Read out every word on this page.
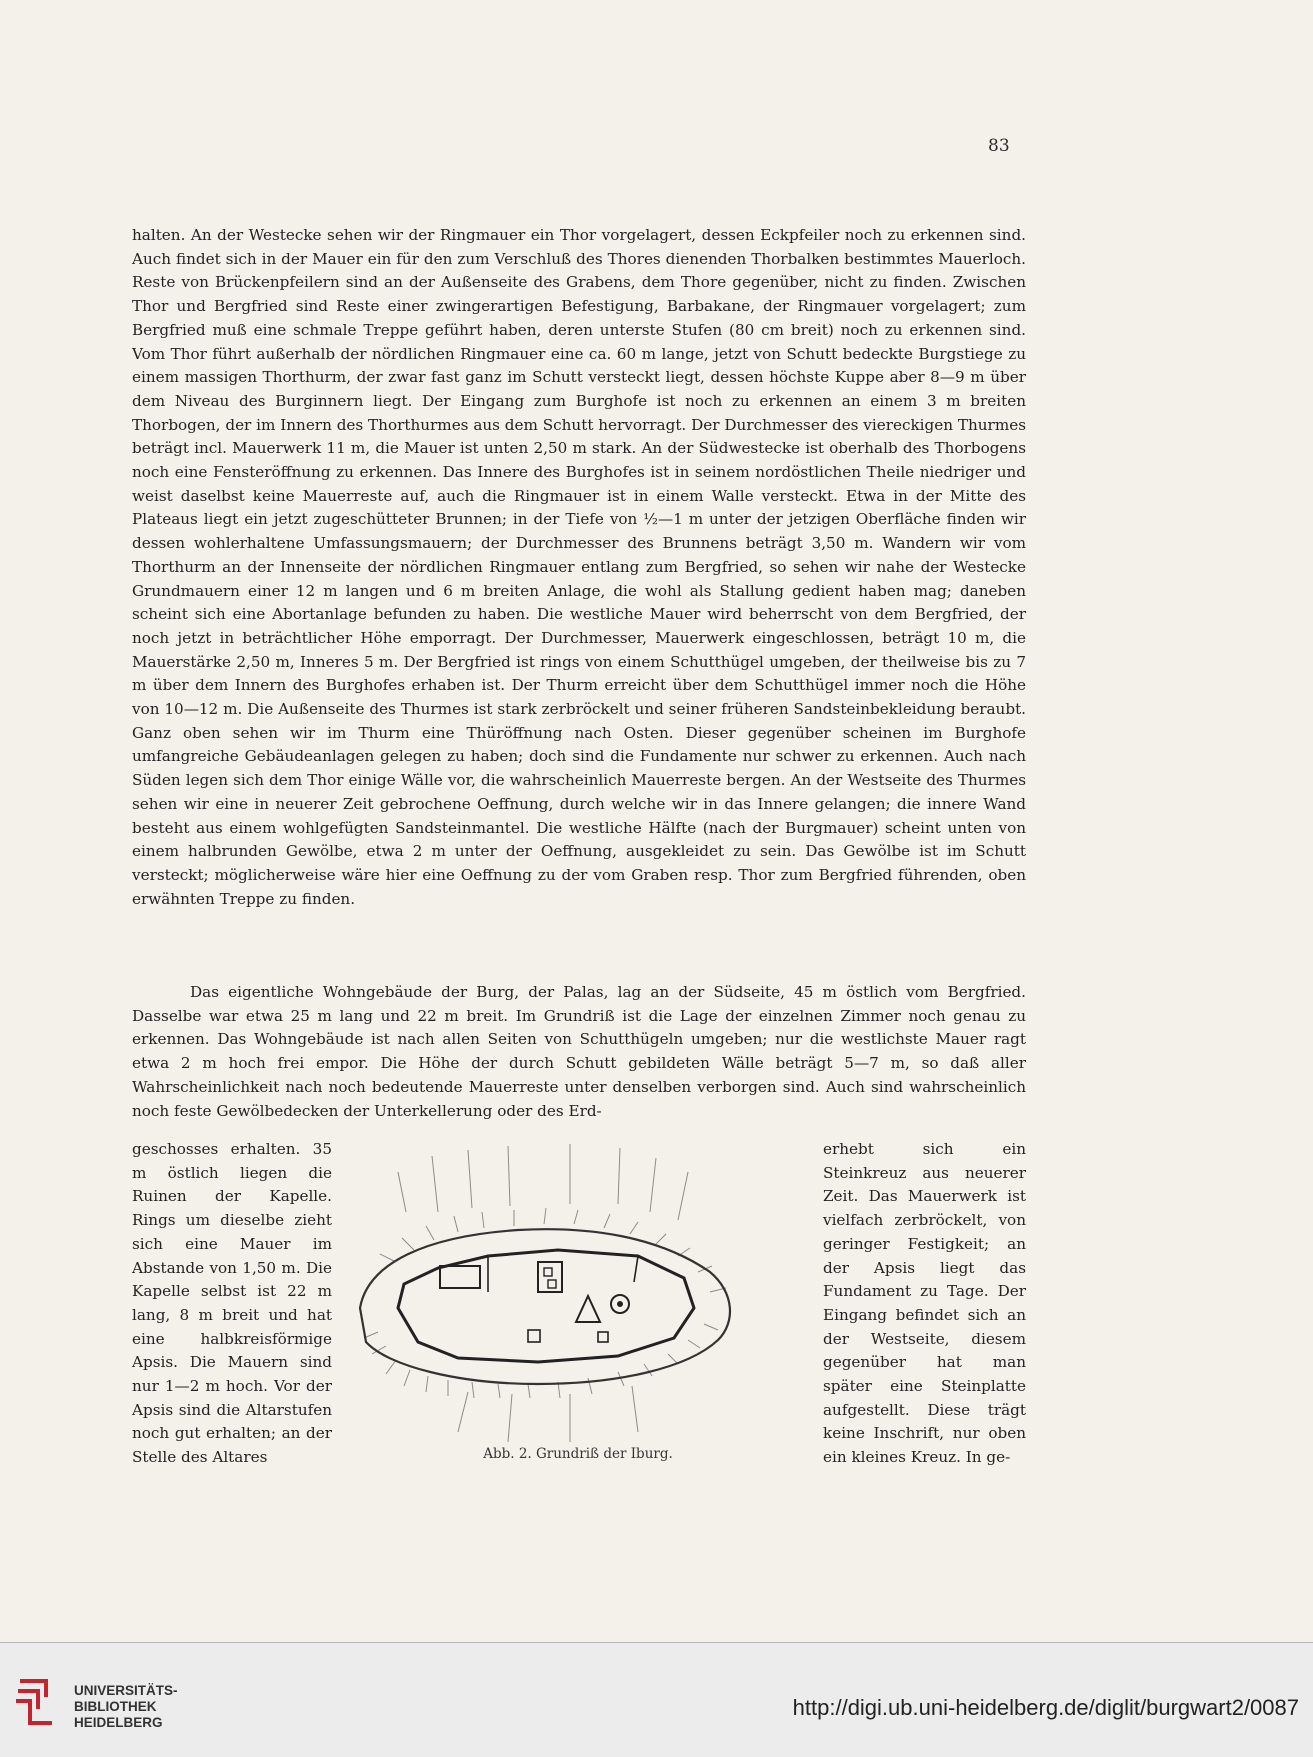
83

halten. An der Westecke sehen wir der Ringmauer ein Thor vorgelagert, dessen Eckpfeiler noch zu erkennen sind. Auch findet sich in der Mauer ein für den zum Verschluß des Thores dienenden Thorbalken bestimmtes Mauerloch. Reste von Brückenpfeilern sind an der Außenseite des Grabens, dem Thore gegenüber, nicht zu finden. Zwischen Thor und Bergfried sind Reste einer zwingerartigen Befestigung, Barbakane, der Ringmauer vorgelagert; zum Bergfried muß eine schmale Treppe geführt haben, deren unterste Stufen (80 cm breit) noch zu erkennen sind. Vom Thor führt außerhalb der nördlichen Ringmauer eine ca. 60 m lange, jetzt von Schutt bedeckte Burgstiege zu einem massigen Thorthurm, der zwar fast ganz im Schutt versteckt liegt, dessen höchste Kuppe aber 8—9 m über dem Niveau des Burginnern liegt. Der Eingang zum Burghofe ist noch zu erkennen an einem 3 m breiten Thorbogen, der im Innern des Thorthurmes aus dem Schutt hervorragt. Der Durchmesser des viereckigen Thurmes beträgt incl. Mauerwerk 11 m, die Mauer ist unten 2,50 m stark. An der Südwestecke ist oberhalb des Thorbogens noch eine Fensteröffnung zu erkennen. Das Innere des Burghofes ist in seinem nordöstlichen Theile niedriger und weist daselbst keine Mauerreste auf, auch die Ringmauer ist in einem Walle versteckt. Etwa in der Mitte des Plateaus liegt ein jetzt zugeschütteter Brunnen; in der Tiefe von ½—1 m unter der jetzigen Oberfläche finden wir dessen wohlerhaltene Umfassungsmauern; der Durchmesser des Brunnens beträgt 3,50 m. Wandern wir vom Thorthurm an der Innenseite der nördlichen Ringmauer entlang zum Bergfried, so sehen wir nahe der Westecke Grundmauern einer 12 m langen und 6 m breiten Anlage, die wohl als Stallung gedient haben mag; daneben scheint sich eine Abortanlage befunden zu haben. Die westliche Mauer wird beherrscht von dem Bergfried, der noch jetzt in beträchtlicher Höhe emporragt. Der Durchmesser, Mauerwerk eingeschlossen, beträgt 10 m, die Mauerstärke 2,50 m, Inneres 5 m. Der Bergfried ist rings von einem Schutthügel umgeben, der theilweise bis zu 7 m über dem Innern des Burghofes erhaben ist. Der Thurm erreicht über dem Schutthügel immer noch die Höhe von 10—12 m. Die Außenseite des Thurmes ist stark zerbröckelt und seiner früheren Sandsteinbekleidung beraubt. Ganz oben sehen wir im Thurm eine Thüröffnung nach Osten. Dieser gegenüber scheinen im Burghofe umfangreiche Gebäudeanlagen gelegen zu haben; doch sind die Fundamente nur schwer zu erkennen. Auch nach Süden legen sich dem Thor einige Wälle vor, die wahrscheinlich Mauerreste bergen. An der Westseite des Thurmes sehen wir eine in neuerer Zeit gebrochene Oeffnung, durch welche wir in das Innere gelangen; die innere Wand besteht aus einem wohlgefügten Sandsteinmantel. Die westliche Hälfte (nach der Burgmauer) scheint unten von einem halbrunden Gewölbe, etwa 2 m unter der Oeffnung, ausgekleidet zu sein. Das Gewölbe ist im Schutt versteckt; möglicherweise wäre hier eine Oeffnung zu der vom Graben resp. Thor zum Bergfried führenden, oben erwähnten Treppe zu finden.

Das eigentliche Wohngebäude der Burg, der Palas, lag an der Südseite, 45 m östlich vom Bergfried. Dasselbe war etwa 25 m lang und 22 m breit. Im Grundriß ist die Lage der einzelnen Zimmer noch genau zu erkennen. Das Wohngebäude ist nach allen Seiten von Schutthügeln umgeben; nur die westlichste Mauer ragt etwa 2 m hoch frei empor. Die Höhe der durch Schutt gebildeten Wälle beträgt 5—7 m, so daß aller Wahrscheinlichkeit nach noch bedeutende Mauerreste unter denselben verborgen sind. Auch sind wahrscheinlich noch feste Gewölbedecken der Unterkellerung oder des Erd-

geschosses erhalten. 35 m östlich liegen die Ruinen der Kapelle. Rings um dieselbe zieht sich eine Mauer im Abstande von 1,50 m. Die Kapelle selbst ist 22 m lang, 8 m breit und hat eine halbkreisförmige Apsis. Die Mauern sind nur 1—2 m hoch. Vor der Apsis sind die Altarstufen noch gut erhalten; an der Stelle des Altares	Abb. 2. Grundriß der Iburg.

erhebt sich ein Steinkreuz aus neuerer Zeit. Das Mauerwerk ist vielfach zerbröckelt, von geringer Festigkeit; an der Apsis liegt das Fundament zu Tage. Der Eingang befindet sich an der Westseite, diesem gegenüber hat man später eine Steinplatte aufgestellt. Diese trägt keine Inschrift, nur oben ein kleines Kreuz. In ge-

UNIVERSITÄTS-
BIBLIOTHEK
HEIDELBERG
http://digi.ub.uni-heidelberg.de/diglit/burgwart2/0087
